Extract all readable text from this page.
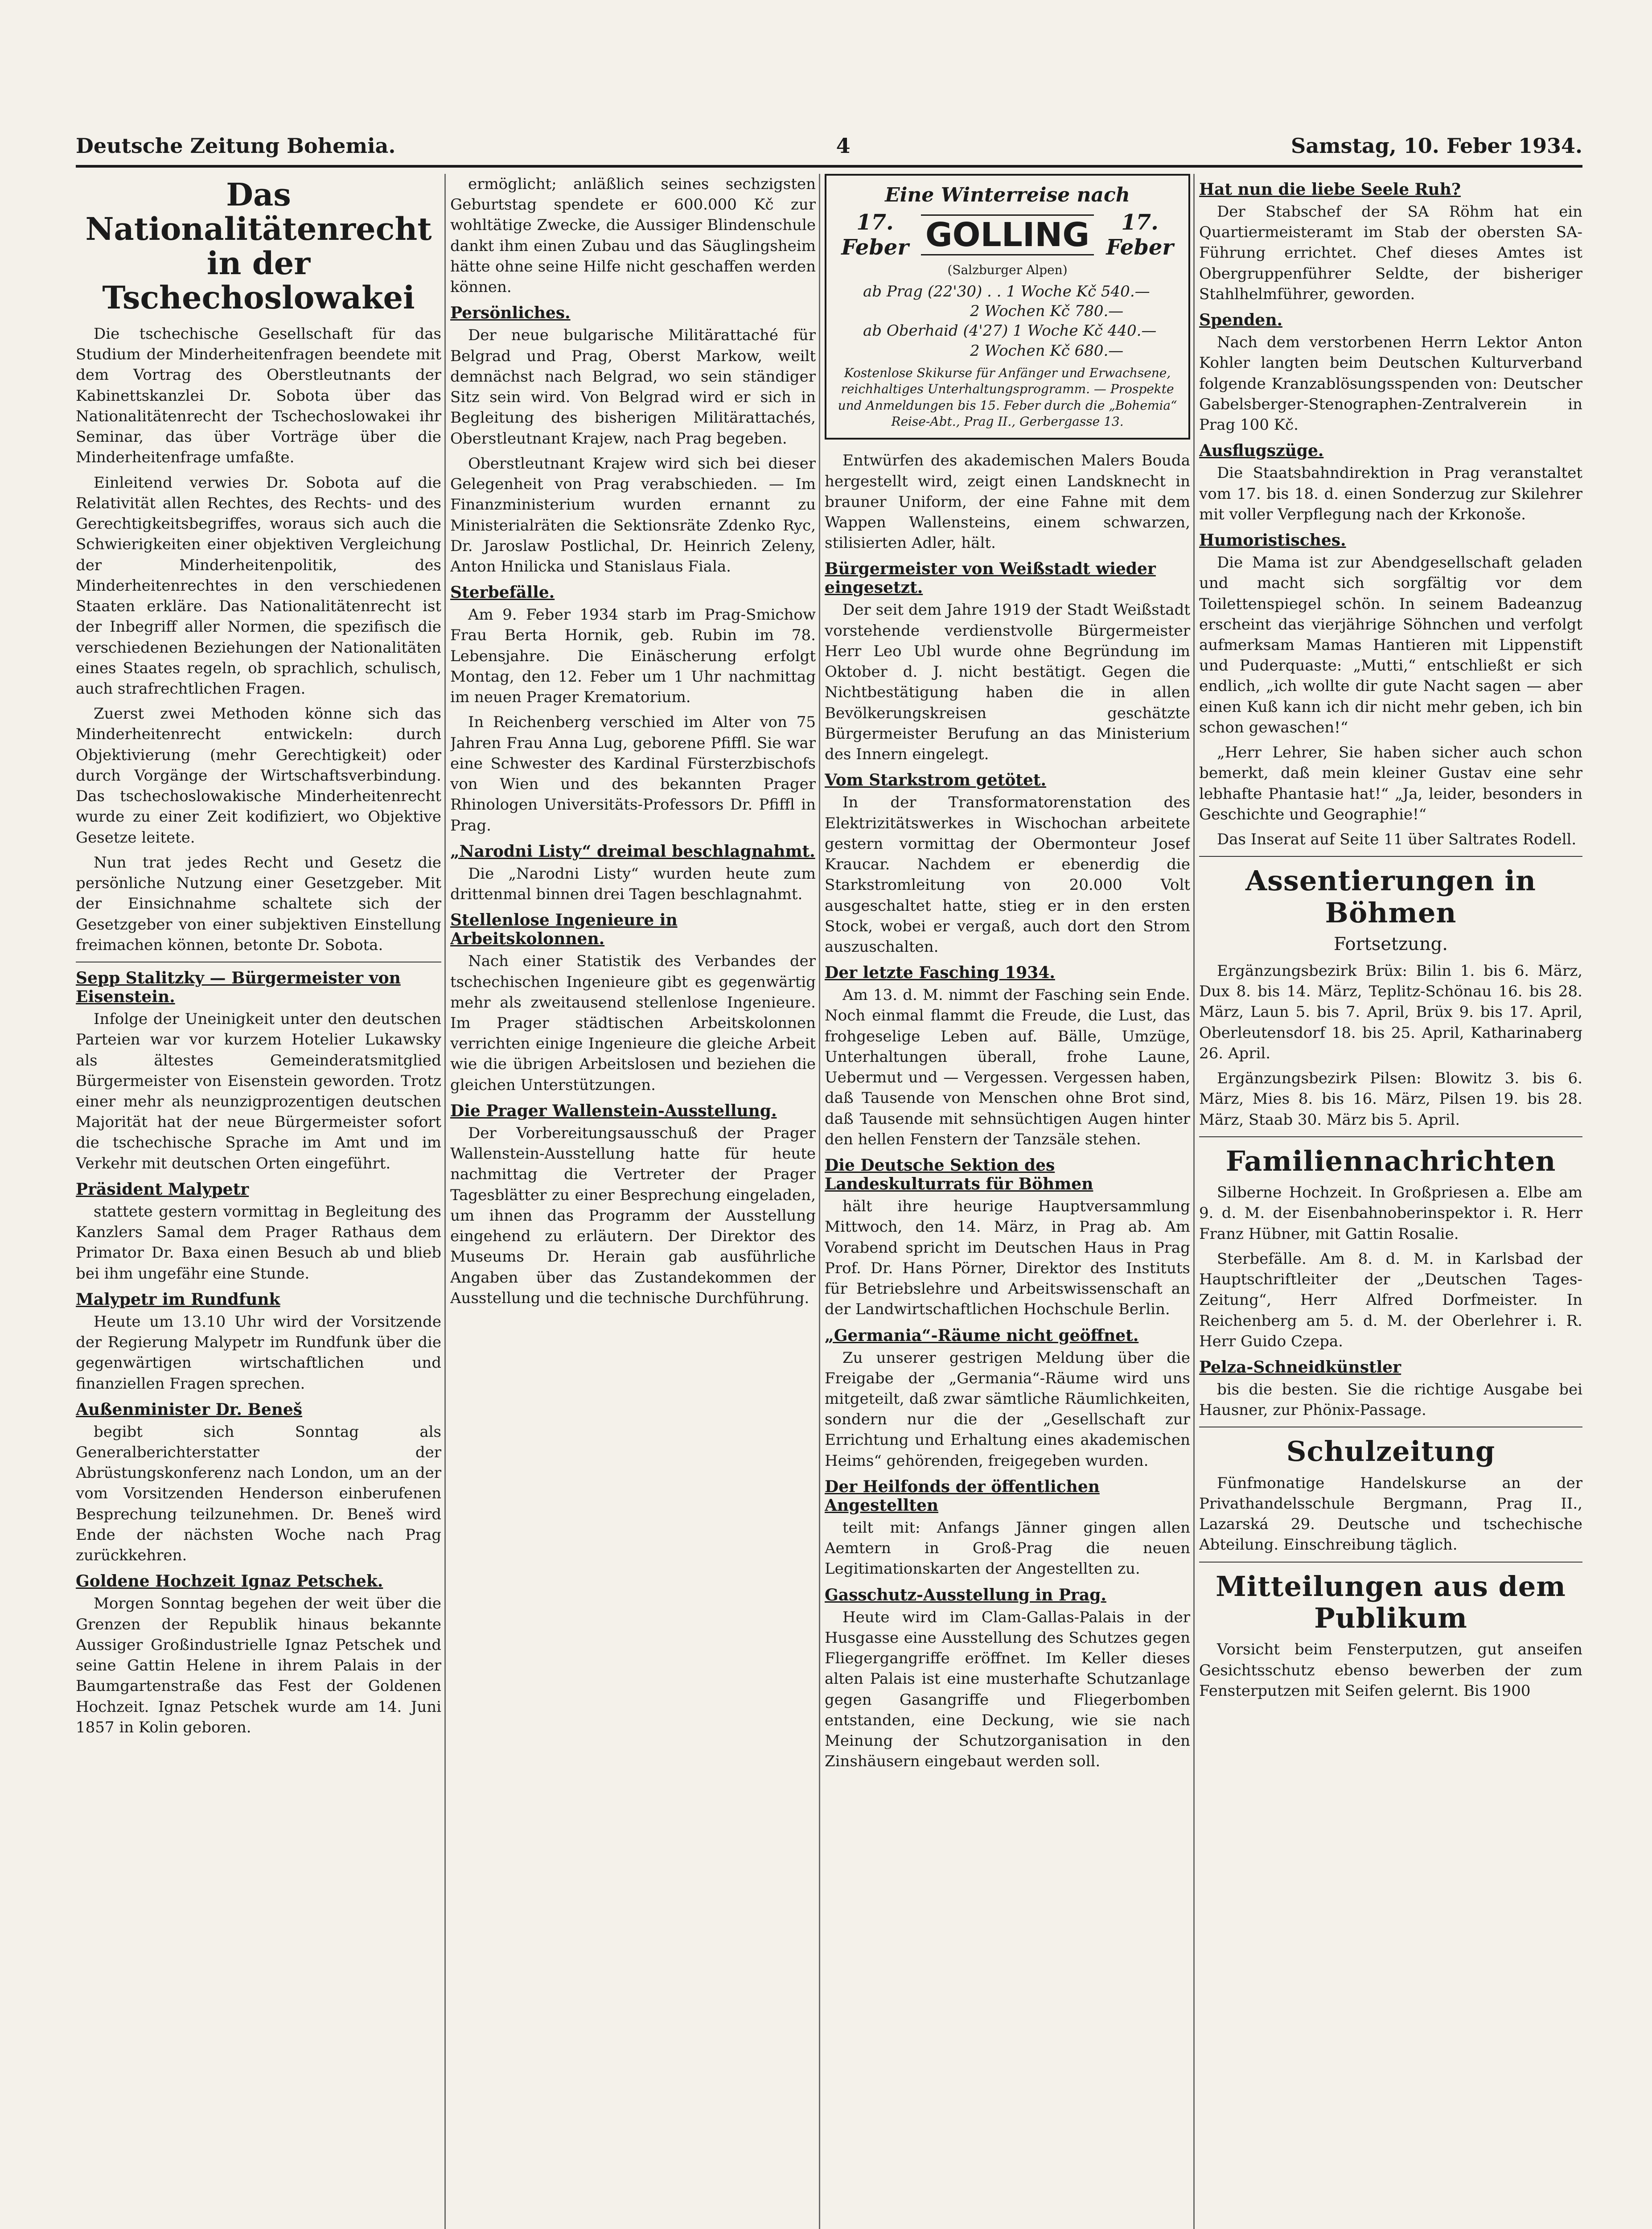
Deutsche Zeitung Bohemia.	4	Samstag, 10. Feber 1934.
Das Nationalitätenrecht in der Tschechoslowakei

Die tschechische Gesellschaft für das Studium der Minderheitenfragen beendete mit dem Vortrag des Oberstleutnants der Kabinettskanzlei Dr. Sobota über das Nationalitätenrecht der Tschechoslowakei ihr Seminar, das über Vorträge über die Minderheitenfrage umfaßte.

Einleitend verwies Dr. Sobota auf die Relativität allen Rechtes, des Rechts- und des Gerechtigkeitsbegriffes, woraus sich auch die Schwierigkeiten einer objektiven Vergleichung der Minderheitenpolitik, des Minderheitenrechtes in den verschiedenen Staaten erkläre. Das Nationalitätenrecht ist der Inbegriff aller Normen, die spezifisch die verschiedenen Beziehungen der Nationalitäten eines Staates regeln, ob sprachlich, schulisch, auch strafrechtlichen Fragen.

Zuerst zwei Methoden könne sich das Minderheitenrecht entwickeln: durch Objektivierung (mehr Gerechtigkeit) oder durch Vorgänge der Wirtschaftsverbindung. Das tschechoslowakische Minderheitenrecht wurde zu einer Zeit kodifiziert, wo Objektive Gesetze leitete.

Nun trat jedes Recht und Gesetz die persönliche Nutzung einer Gesetzgeber. Mit der Einsichnahme schaltete sich der Gesetzgeber von einer subjektiven Einstellung freimachen können, betonte Dr. Sobota.

Sepp Stalitzky — Bürgermeister von Eisenstein.

Infolge der Uneinigkeit unter den deutschen Parteien war vor kurzem Hotelier Lukawsky als ältestes Gemeinderatsmitglied Bürgermeister von Eisenstein geworden. Trotz einer mehr als neunzigprozentigen deutschen Majorität hat der neue Bürgermeister sofort die tschechische Sprache im Amt und im Verkehr mit deutschen Orten eingeführt.

Präsident Malypetr

stattete gestern vormittag in Begleitung des Kanzlers Samal dem Prager Rathaus dem Primator Dr. Baxa einen Besuch ab und blieb bei ihm ungefähr eine Stunde.

Malypetr im Rundfunk

Heute um 13.10 Uhr wird der Vorsitzende der Regierung Malypetr im Rundfunk über die gegenwärtigen wirtschaftlichen und finanziellen Fragen sprechen.

Außenminister Dr. Beneš

begibt sich Sonntag als Generalberichterstatter der Abrüstungskonferenz nach London, um an der vom Vorsitzenden Henderson einberufenen Besprechung teilzunehmen. Dr. Beneš wird Ende der nächsten Woche nach Prag zurückkehren.

Goldene Hochzeit Ignaz Petschek.

Morgen Sonntag begehen der weit über die Grenzen der Republik hinaus bekannte Aussiger Großindustrielle Ignaz Petschek und seine Gattin Helene in ihrem Palais in der Baumgartenstraße das Fest der Goldenen Hochzeit. Ignaz Petschek wurde am 14. Juni 1857 in Kolin geboren.

ermöglicht; anläßlich seines sechzigsten Geburtstag spendete er 600.000 Kč zur wohltätige Zwecke, die Aussiger Blindenschule dankt ihm einen Zubau und das Säuglingsheim hätte ohne seine Hilfe nicht geschaffen werden können.

Persönliches.

Der neue bulgarische Militärattaché für Belgrad und Prag, Oberst Markow, weilt demnächst nach Belgrad, wo sein ständiger Sitz sein wird. Von Belgrad wird er sich in Begleitung des bisherigen Militärattachés, Oberstleutnant Krajew, nach Prag begeben.

Oberstleutnant Krajew wird sich bei dieser Gelegenheit von Prag verabschieden. — Im Finanzministerium wurden ernannt zu Ministerialräten die Sektionsräte Zdenko Ryc, Dr. Jaroslaw Postlichal, Dr. Heinrich Zeleny, Anton Hnilicka und Stanislaus Fiala.

Sterbefälle.

Am 9. Feber 1934 starb im Prag-Smichow Frau Berta Hornik, geb. Rubin im 78. Lebensjahre. Die Einäscherung erfolgt Montag, den 12. Feber um 1 Uhr nachmittag im neuen Prager Krematorium.

In Reichenberg verschied im Alter von 75 Jahren Frau Anna Lug, geborene Pfiffl. Sie war eine Schwester des Kardinal Fürsterzbischofs von Wien und des bekannten Prager Rhinologen Universitäts-Professors Dr. Pfiffl in Prag.

„Narodni Listy“ dreimal beschlagnahmt.

Die „Narodni Listy“ wurden heute zum drittenmal binnen drei Tagen beschlagnahmt.

Stellenlose Ingenieure in Arbeitskolonnen.

Nach einer Statistik des Verbandes der tschechischen Ingenieure gibt es gegenwärtig mehr als zweitausend stellenlose Ingenieure. Im Prager städtischen Arbeitskolonnen verrichten einige Ingenieure die gleiche Arbeit wie die übrigen Arbeitslosen und beziehen die gleichen Unterstützungen.

Die Prager Wallenstein-Ausstellung.

Der Vorbereitungsausschuß der Prager Wallenstein-Ausstellung hatte für heute nachmittag die Vertreter der Prager Tagesblätter zu einer Besprechung eingeladen, um ihnen das Programm der Ausstellung eingehend zu erläutern. Der Direktor des Museums Dr. Herain gab ausführliche Angaben über das Zustandekommen der Ausstellung und die technische Durchführung.

Eine Winterreise nach
17. Feber GOLLING	17. Feber
(Salzburger Alpen)
ab Prag (22'30) . . 1 Woche Kč 540.—
2 Wochen Kč 780.—
ab Oberhaid (4'27) 1 Woche Kč 440.—
2 Wochen Kč 680.—
Kostenlose Skikurse für Anfänger und Erwachsene, reichhaltiges Unterhaltungsprogramm. — Prospekte und Anmeldungen bis 15. Feber durch die „Bohemia“ Reise-Abt., Prag II., Gerbergasse 13.

Entwürfen des akademischen Malers Bouda hergestellt wird, zeigt einen Landsknecht in brauner Uniform, der eine Fahne mit dem Wappen Wallensteins, einem schwarzen, stilisierten Adler, hält.

Bürgermeister von Weißstadt wieder eingesetzt.

Der seit dem Jahre 1919 der Stadt Weißstadt vorstehende verdienstvolle Bürgermeister Herr Leo Ubl wurde ohne Begründung im Oktober d. J. nicht bestätigt. Gegen die Nichtbestätigung haben die in allen Bevölkerungskreisen geschätzte Bürgermeister Berufung an das Ministerium des Innern eingelegt.

Vom Starkstrom getötet.

In der Transformatorenstation des Elektrizitätswerkes in Wischochan arbeitete gestern vormittag der Obermonteur Josef Kraucar. Nachdem er ebenerdig die Starkstromleitung von 20.000 Volt ausgeschaltet hatte, stieg er in den ersten Stock, wobei er vergaß, auch dort den Strom auszuschalten.

Der letzte Fasching 1934.

Am 13. d. M. nimmt der Fasching sein Ende. Noch einmal flammt die Freude, die Lust, das frohgeselige Leben auf. Bälle, Umzüge, Unterhaltungen überall, frohe Laune, Uebermut und — Vergessen. Vergessen haben, daß Tausende von Menschen ohne Brot sind, daß Tausende mit sehnsüchtigen Augen hinter den hellen Fenstern der Tanzsäle stehen.

Die Deutsche Sektion des Landeskulturrats für Böhmen

hält ihre heurige Hauptversammlung Mittwoch, den 14. März, in Prag ab. Am Vorabend spricht im Deutschen Haus in Prag Prof. Dr. Hans Pörner, Direktor des Instituts für Betriebslehre und Arbeitswissenschaft an der Landwirtschaftlichen Hochschule Berlin.

„Germania“-Räume nicht geöffnet.

Zu unserer gestrigen Meldung über die Freigabe der „Germania“-Räume wird uns mitgeteilt, daß zwar sämtliche Räumlichkeiten, sondern nur die der „Gesellschaft zur Errichtung und Erhaltung eines akademischen Heims“ gehörenden, freigegeben wurden.

Der Heilfonds der öffentlichen Angestellten

teilt mit: Anfangs Jänner gingen allen Aemtern in Groß-Prag die neuen Legitimationskarten der Angestellten zu.

Gasschutz-Ausstellung in Prag.

Heute wird im Clam-Gallas-Palais in der Husgasse eine Ausstellung des Schutzes gegen Fliegergangriffe eröffnet. Im Keller dieses alten Palais ist eine musterhafte Schutzanlage gegen Gasangriffe und Fliegerbomben entstanden, eine Deckung, wie sie nach Meinung der Schutzorganisation in den Zinshäusern eingebaut werden soll.

Hat nun die liebe Seele Ruh?

Der Stabschef der SA Röhm hat ein Quartiermeisteramt im Stab der obersten SA-Führung errichtet. Chef dieses Amtes ist Obergruppenführer Seldte, der bisheriger Stahlhelmführer, geworden.

Spenden.

Nach dem verstorbenen Herrn Lektor Anton Kohler langten beim Deutschen Kulturverband folgende Kranzablösungsspenden von: Deutscher Gabelsberger-Stenographen-Zentralverein in Prag 100 Kč.

Ausflugszüge.

Die Staatsbahndirektion in Prag veranstaltet vom 17. bis 18. d. einen Sonderzug zur Skilehrer mit voller Verpflegung nach der Krkonoše.

Humoristisches.

Die Mama ist zur Abendgesellschaft geladen und macht sich sorgfältig vor dem Toilettenspiegel schön. In seinem Badeanzug erscheint das vierjährige Söhnchen und verfolgt aufmerksam Mamas Hantieren mit Lippenstift und Puderquaste: „Mutti,“ entschließt er sich endlich, „ich wollte dir gute Nacht sagen — aber einen Kuß kann ich dir nicht mehr geben, ich bin schon gewaschen!“

„Herr Lehrer, Sie haben sicher auch schon bemerkt, daß mein kleiner Gustav eine sehr lebhafte Phantasie hat!“ „Ja, leider, besonders in Geschichte und Geographie!“

Das Inserat auf Seite 11 über Saltrates Rodell.

Assentierungen in Böhmen
Fortsetzung.

Ergänzungsbezirk Brüx: Bilin 1. bis 6. März, Dux 8. bis 14. März, Teplitz-Schönau 16. bis 28. März, Laun 5. bis 7. April, Brüx 9. bis 17. April, Oberleutensdorf 18. bis 25. April, Katharinaberg 26. April.

Ergänzungsbezirk Pilsen: Blowitz 3. bis 6. März, Mies 8. bis 16. März, Pilsen 19. bis 28. März, Staab 30. März bis 5. April.

Familiennachrichten

Silberne Hochzeit. In Großpriesen a. Elbe am 9. d. M. der Eisenbahnoberinspektor i. R. Herr Franz Hübner, mit Gattin Rosalie.

Sterbefälle. Am 8. d. M. in Karlsbad der Hauptschriftleiter der „Deutschen Tages-Zeitung“, Herr Alfred Dorfmeister. In Reichenberg am 5. d. M. der Oberlehrer i. R. Herr Guido Czepa.

Pelza-Schneidkünstler

bis die besten. Sie die richtige Ausgabe bei Hausner, zur Phönix-Passage.

Schulzeitung

Fünfmonatige Handelskurse an der Privathandelsschule Bergmann, Prag II., Lazarská 29. Deutsche und tschechische Abteilung. Einschreibung täglich.

Mitteilungen aus dem Publikum

Vorsicht beim Fensterputzen, gut anseifen Gesichtsschutz ebenso bewerben der zum Fensterputzen mit Seifen gelernt. Bis 1900
